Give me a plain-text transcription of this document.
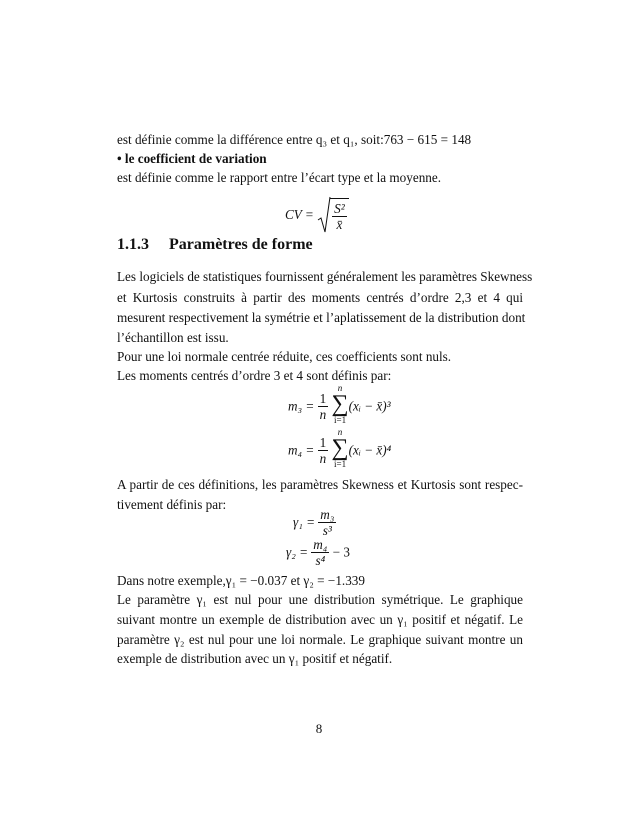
est définie comme la différence entre q₃ et q₁, soit:763 − 615 = 148
• le coefficient de variation
est définie comme le rapport entre l’écart type et la moyenne.
CV = $\frac{\text{S²}}{x̄}$
1.1.3 Paramètres de forme
Les logiciels de statistiques fournissent généralement les paramètres Skewness
et Kurtosis construits à partir des moments centrés d’ordre 2,3 et 4 qui
mesurent respectivement la symétrie et l’aplatissement de la distribution dont
l’échantillon est issu.
Pour une loi normale centrée réduite, ces coefficients sont nuls.
Les moments centrés d’ordre 3 et 4 sont définis par:
$m_3 = \frac{1}{n}$

n
∑
i=1
(xᵢ − x̄)³
$m_4 = \frac{1}{n}$

n
∑
i=1
(xᵢ − x̄)⁴
A partir de ces définitions, les paramètres Skewness et Kurtosis sont respec-
tivement définis par:
$\gamma_1 = \frac{\text{m₃}}{\text{s³}}$
$\gamma_2 = \frac{\text{m₄}}{\text{s⁴}} - 3$
Dans notre exemple,γ₁ = −0.037 et γ₂ = −1.339
Le paramètre γ₁ est nul pour une distribution symétrique. Le graphique
suivant montre un exemple de distribution avec un γ₁ positif et négatif. Le
paramètre γ₂ est nul pour une loi normale. Le graphique suivant montre un
exemple de distribution avec un γ₁ positif et négatif.
8
